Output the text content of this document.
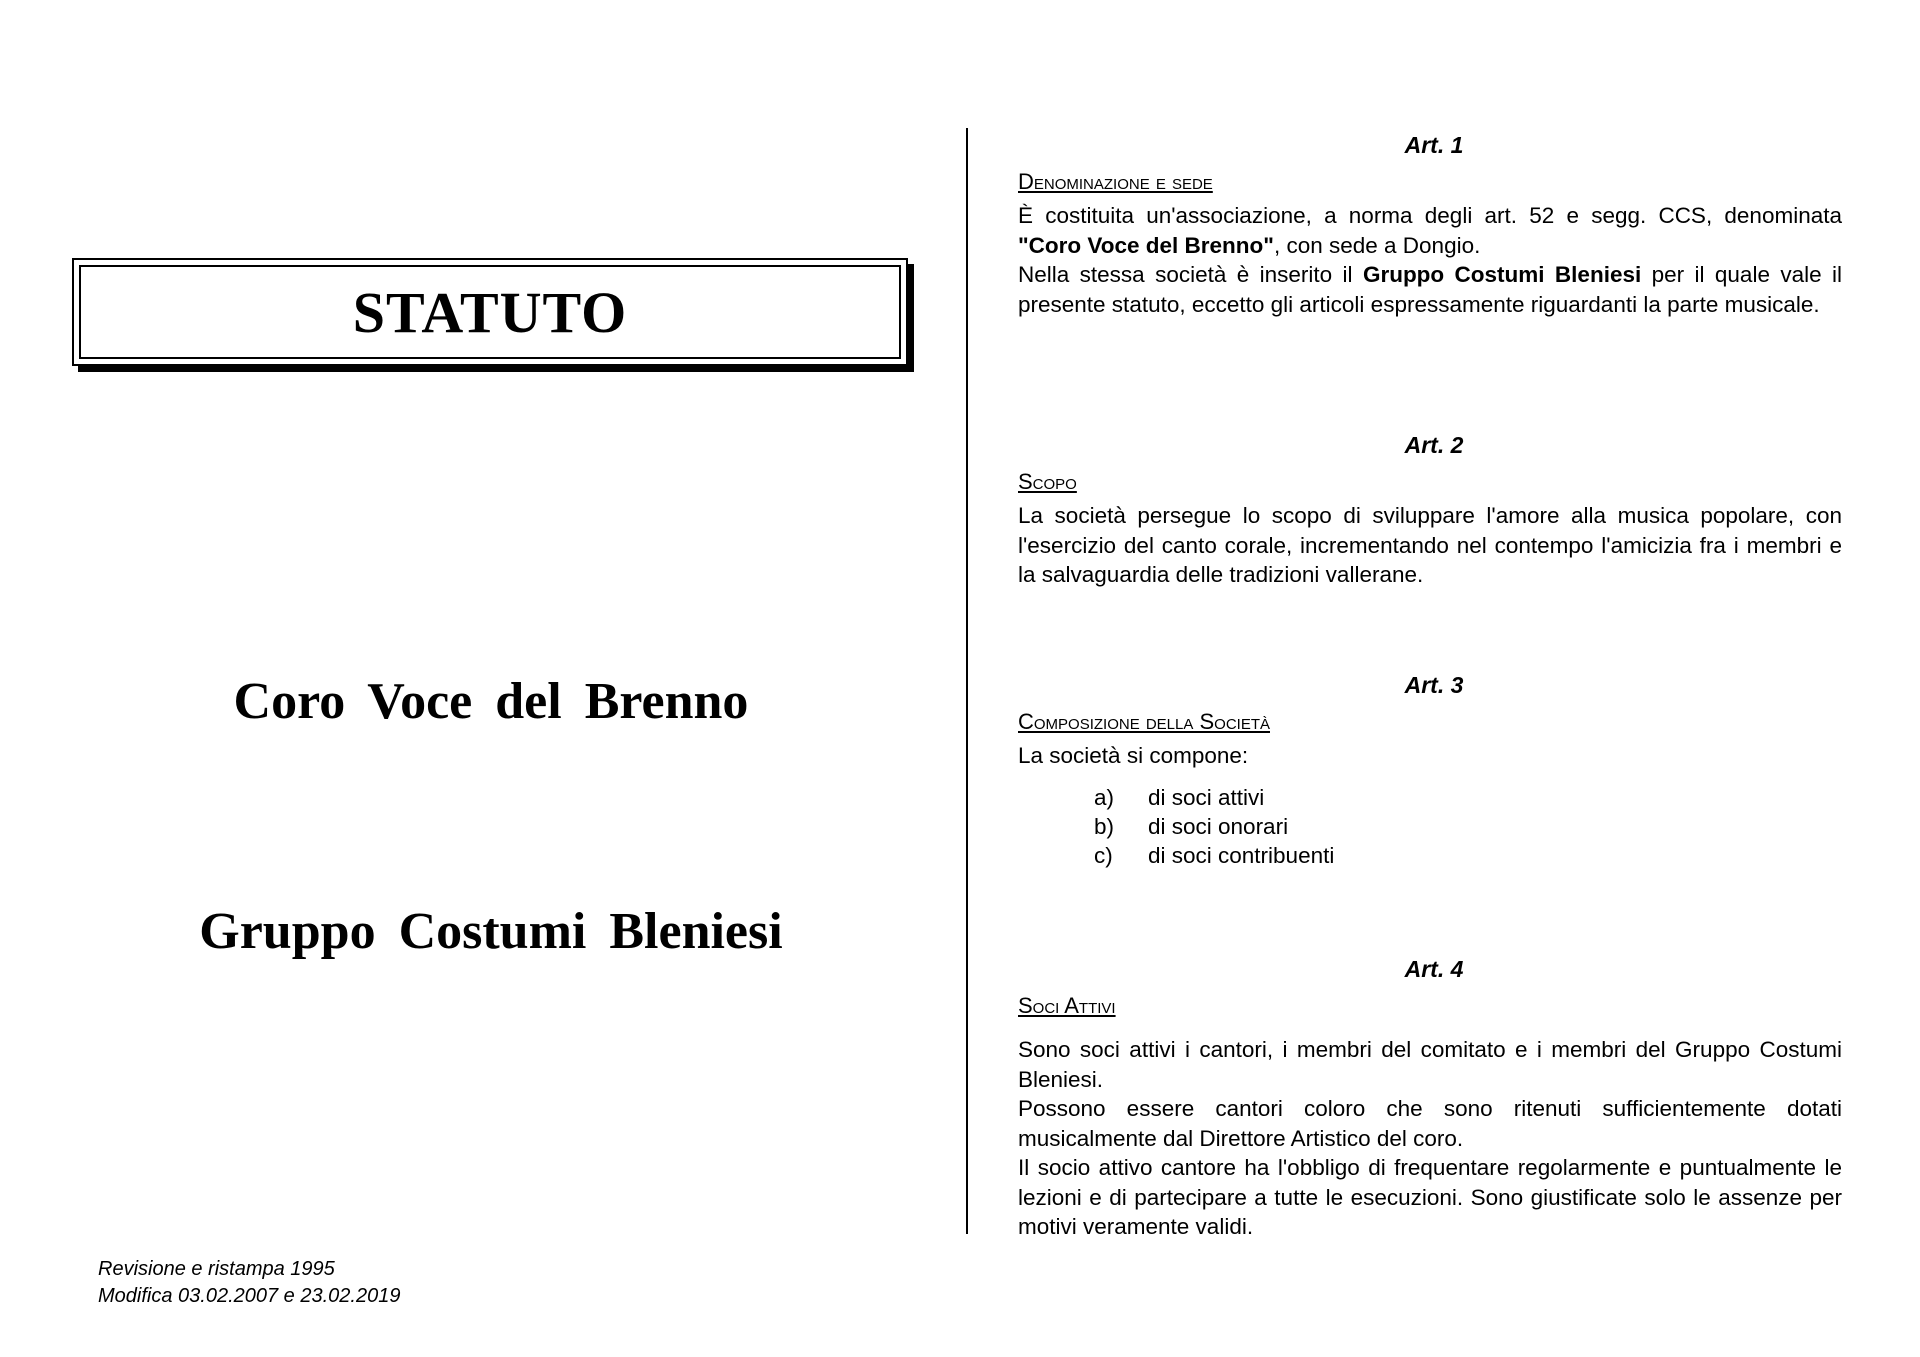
STATUTO
Coro Voce del Brenno
Gruppo Costumi Bleniesi
Revisione e ristampa 1995
Modifica 03.02.2007 e 23.02.2019
Art. 1
Denominazione e sede

È costituita un'associazione, a norma degli art. 52 e segg. CCS, denominata "Coro Voce del Brenno", con sede a Dongio.

Nella stessa società è inserito il Gruppo Costumi Bleniesi per il quale vale il presente statuto, eccetto gli articoli espressamente riguardanti la parte musicale.

Art. 2
Scopo

La società persegue lo scopo di sviluppare l'amore alla musica popolare, con l'esercizio del canto corale, incrementando nel contempo l'amicizia fra i membri e la salvaguardia delle tradizioni vallerane.

Art. 3
Composizione della Società

La società si compone:

a)	di soci attivi
b)	di soci onorari
c)	di soci contribuenti
Art. 4
Soci Attivi

Sono soci attivi i cantori, i membri del comitato e i membri del Gruppo Costumi Bleniesi.

Possono essere cantori coloro che sono ritenuti sufficientemente dotati musicalmente dal Direttore Artistico del coro.

Il socio attivo cantore ha l'obbligo di frequentare regolarmente e puntualmente le lezioni e di partecipare a tutte le esecuzioni. Sono giustificate solo le assenze per motivi veramente validi.
